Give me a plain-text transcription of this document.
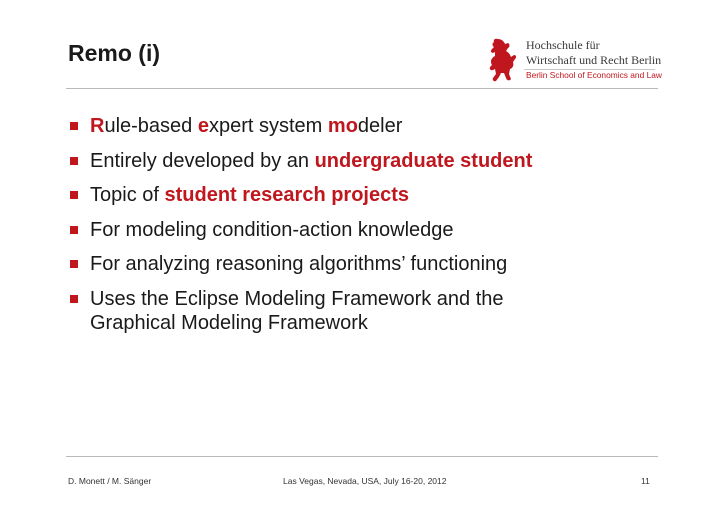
Remo (i)	Hochschule für
Wirtschaft und Recht Berlin
Berlin School of Economics and Law
Rule-based expert system modeler
Entirely developed by an undergraduate student
Topic of student research projects
For modeling condition-action knowledge
For analyzing reasoning algorithms’ functioning
Uses the Eclipse Modeling Framework and the Graphical Modeling Framework
D. Monett / M. Sänger	Las Vegas, Nevada, USA, July 16-20, 2012	11
